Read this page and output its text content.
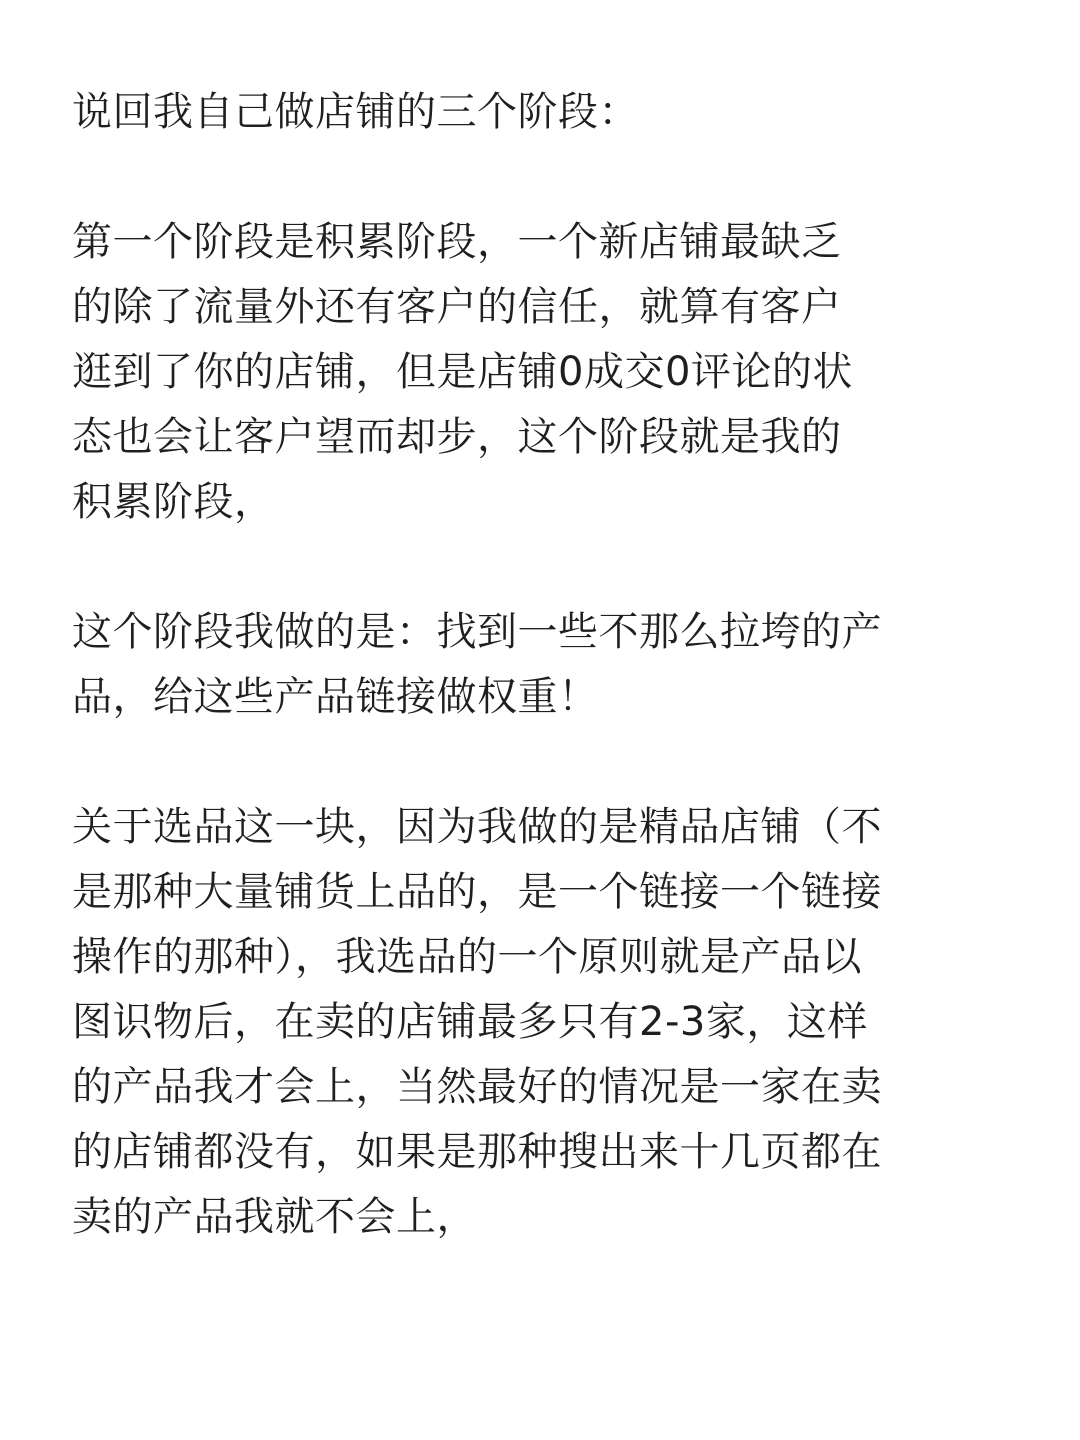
说回我自己做店铺的三个阶段：

第一个阶段是积累阶段，一个新店铺最缺乏
的除了流量外还有客户的信任，就算有客户
逛到了你的店铺，但是店铺0成交0评论的状
态也会让客户望而却步，这个阶段就是我的
积累阶段，

这个阶段我做的是：找到一些不那么拉垮的产
品，给这些产品链接做权重！

关于选品这一块，因为我做的是精品店铺（不
是那种大量铺货上品的，是一个链接一个链接
操作的那种），我选品的一个原则就是产品以
图识物后，在卖的店铺最多只有2-3家，这样
的产品我才会上，当然最好的情况是一家在卖
的店铺都没有，如果是那种搜出来十几页都在
卖的产品我就不会上，
